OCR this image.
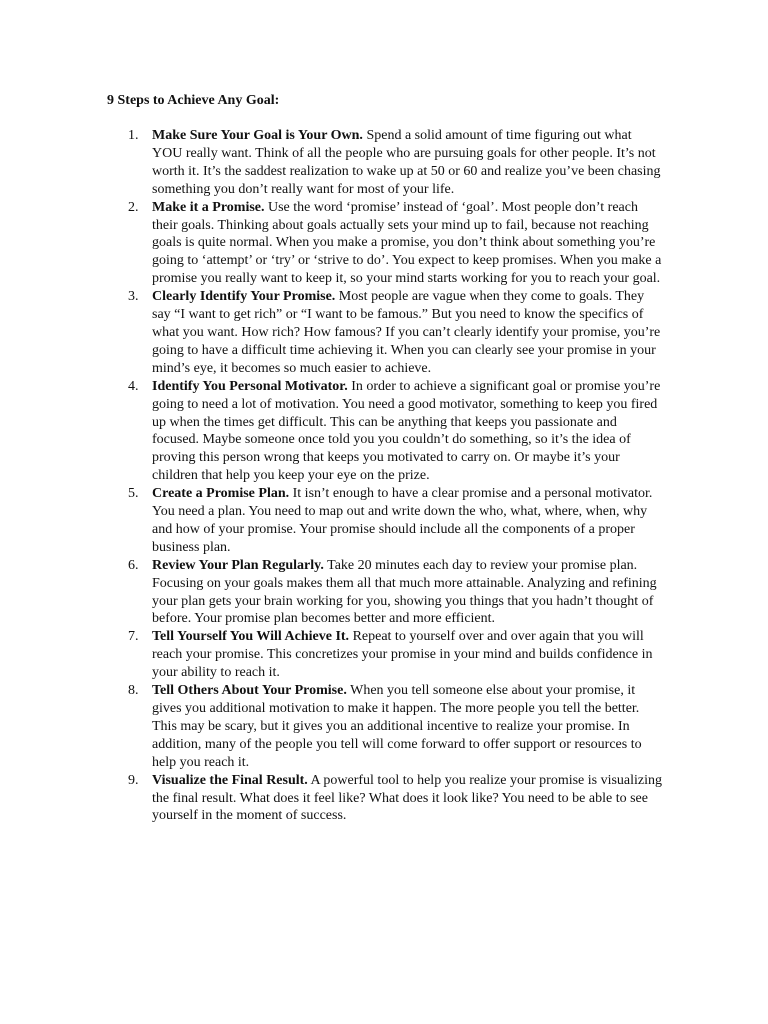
9 Steps to Achieve Any Goal:
1. Make Sure Your Goal is Your Own. Spend a solid amount of time figuring out what YOU really want. Think of all the people who are pursuing goals for other people. It’s not worth it. It’s the saddest realization to wake up at 50 or 60 and realize you’ve been chasing something you don’t really want for most of your life.
2. Make it a Promise. Use the word ‘promise’ instead of ‘goal’. Most people don’t reach their goals. Thinking about goals actually sets your mind up to fail, because not reaching goals is quite normal. When you make a promise, you don’t think about something you’re going to ‘attempt’ or ‘try’ or ‘strive to do’. You expect to keep promises. When you make a promise you really want to keep it, so your mind starts working for you to reach your goal.
3. Clearly Identify Your Promise. Most people are vague when they come to goals. They say “I want to get rich” or “I want to be famous.” But you need to know the specifics of what you want. How rich? How famous? If you can’t clearly identify your promise, you’re going to have a difficult time achieving it. When you can clearly see your promise in your mind’s eye, it becomes so much easier to achieve.
4. Identify You Personal Motivator. In order to achieve a significant goal or promise you’re going to need a lot of motivation. You need a good motivator, something to keep you fired up when the times get difficult. This can be anything that keeps you passionate and focused. Maybe someone once told you you couldn’t do something, so it’s the idea of proving this person wrong that keeps you motivated to carry on. Or maybe it’s your children that help you keep your eye on the prize.
5. Create a Promise Plan. It isn’t enough to have a clear promise and a personal motivator. You need a plan. You need to map out and write down the who, what, where, when, why and how of your promise. Your promise should include all the components of a proper business plan.
6. Review Your Plan Regularly. Take 20 minutes each day to review your promise plan. Focusing on your goals makes them all that much more attainable. Analyzing and refining your plan gets your brain working for you, showing you things that you hadn’t thought of before. Your promise plan becomes better and more efficient.
7. Tell Yourself You Will Achieve It. Repeat to yourself over and over again that you will reach your promise. This concretizes your promise in your mind and builds confidence in your ability to reach it.
8. Tell Others About Your Promise. When you tell someone else about your promise, it gives you additional motivation to make it happen. The more people you tell the better. This may be scary, but it gives you an additional incentive to realize your promise. In addition, many of the people you tell will come forward to offer support or resources to help you reach it.
9. Visualize the Final Result. A powerful tool to help you realize your promise is visualizing the final result. What does it feel like? What does it look like? You need to be able to see yourself in the moment of success.
